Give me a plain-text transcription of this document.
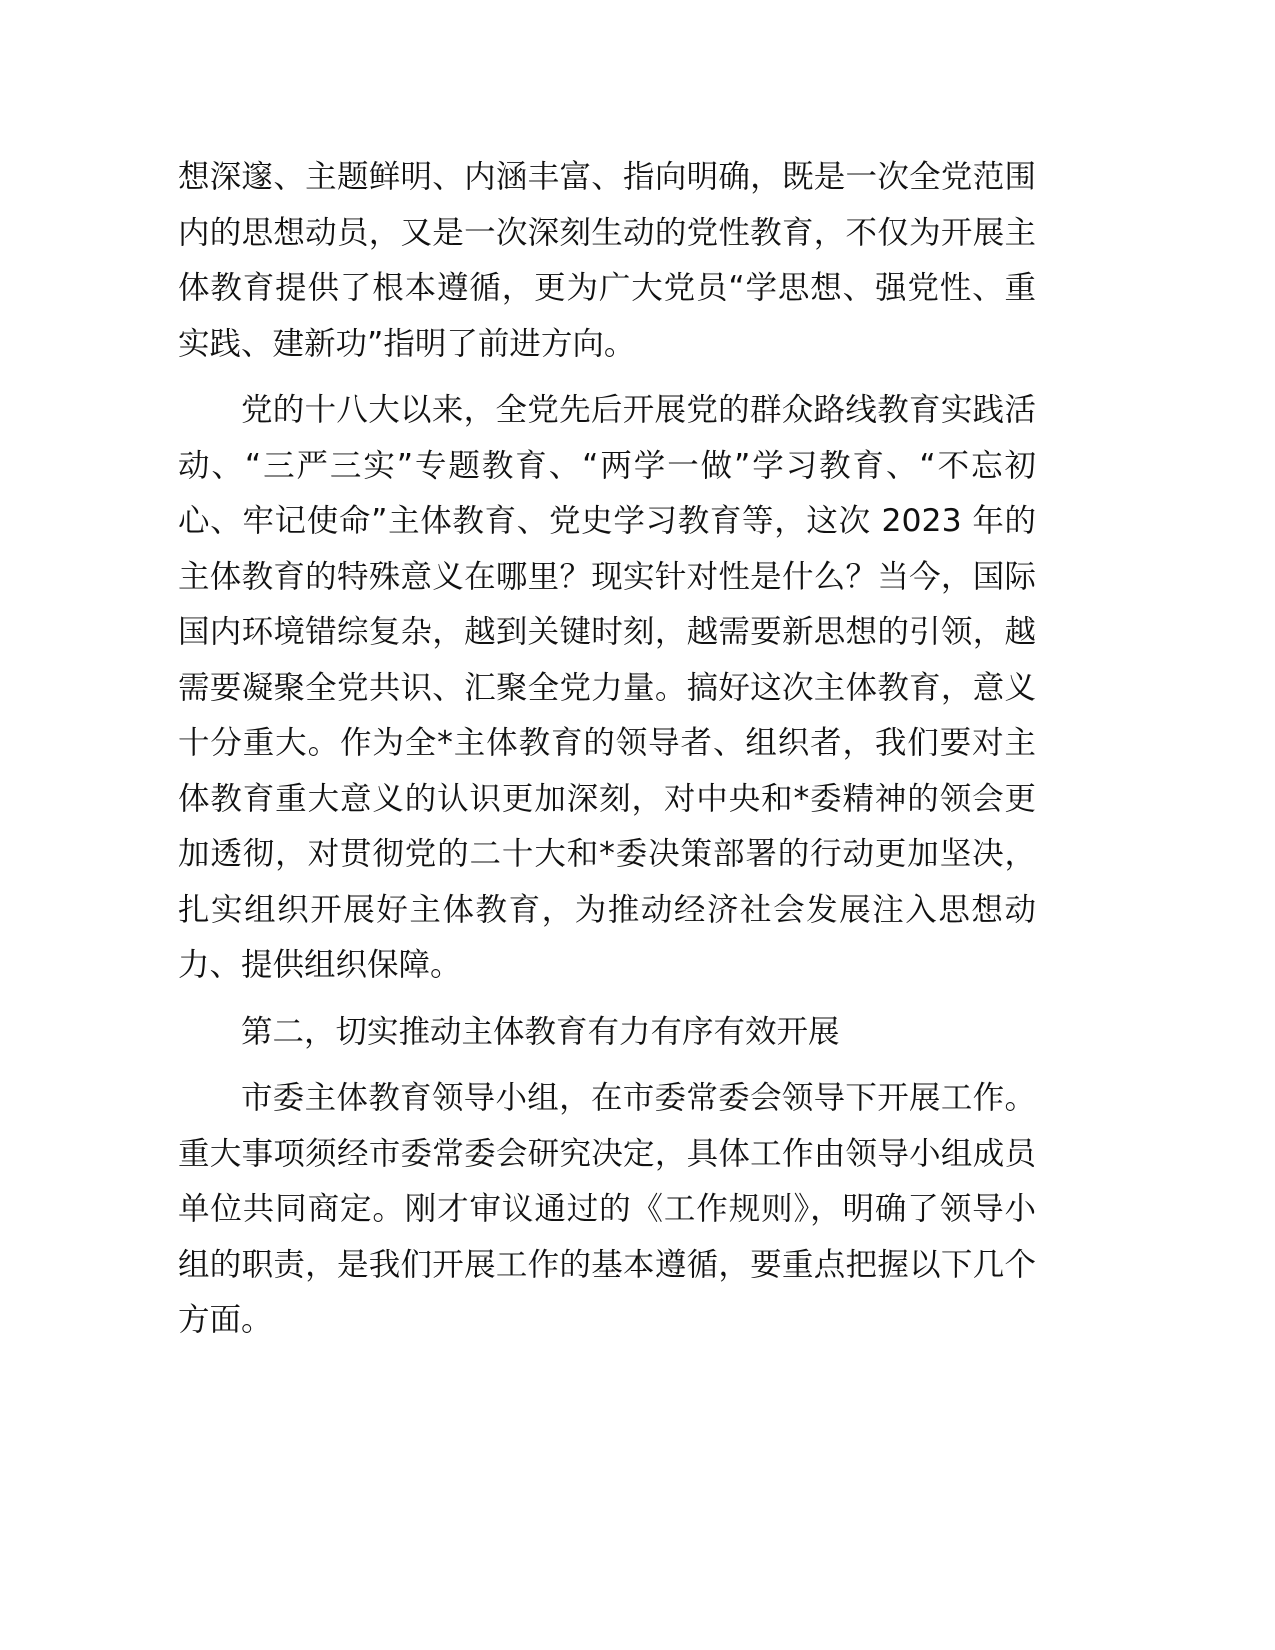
想深邃、主题鲜明、内涵丰富、指向明确，既是一次全党范围内的思想动员，又是一次深刻生动的党性教育，不仅为开展主体教育提供了根本遵循，更为广大党员“学思想、强党性、重实践、建新功”指明了前进方向。

党的十八大以来，全党先后开展党的群众路线教育实践活动、“三严三实”专题教育、“两学一做”学习教育、“不忘初心、牢记使命”主体教育、党史学习教育等，这次 2023 年的主体教育的特殊意义在哪里？现实针对性是什么？当今，国际国内环境错综复杂，越到关键时刻，越需要新思想的引领，越需要凝聚全党共识、汇聚全党力量。搞好这次主体教育，意义十分重大。作为全*主体教育的领导者、组织者，我们要对主体教育重大意义的认识更加深刻，对中央和*委精神的领会更加透彻，对贯彻党的二十大和*委决策部署的行动更加坚决，扎实组织开展好主体教育，为推动经济社会发展注入思想动力、提供组织保障。

第二，切实推动主体教育有力有序有效开展

市委主体教育领导小组，在市委常委会领导下开展工作。重大事项须经市委常委会研究决定，具体工作由领导小组成员单位共同商定。刚才审议通过的《工作规则》，明确了领导小组的职责，是我们开展工作的基本遵循，要重点把握以下几个方面。
